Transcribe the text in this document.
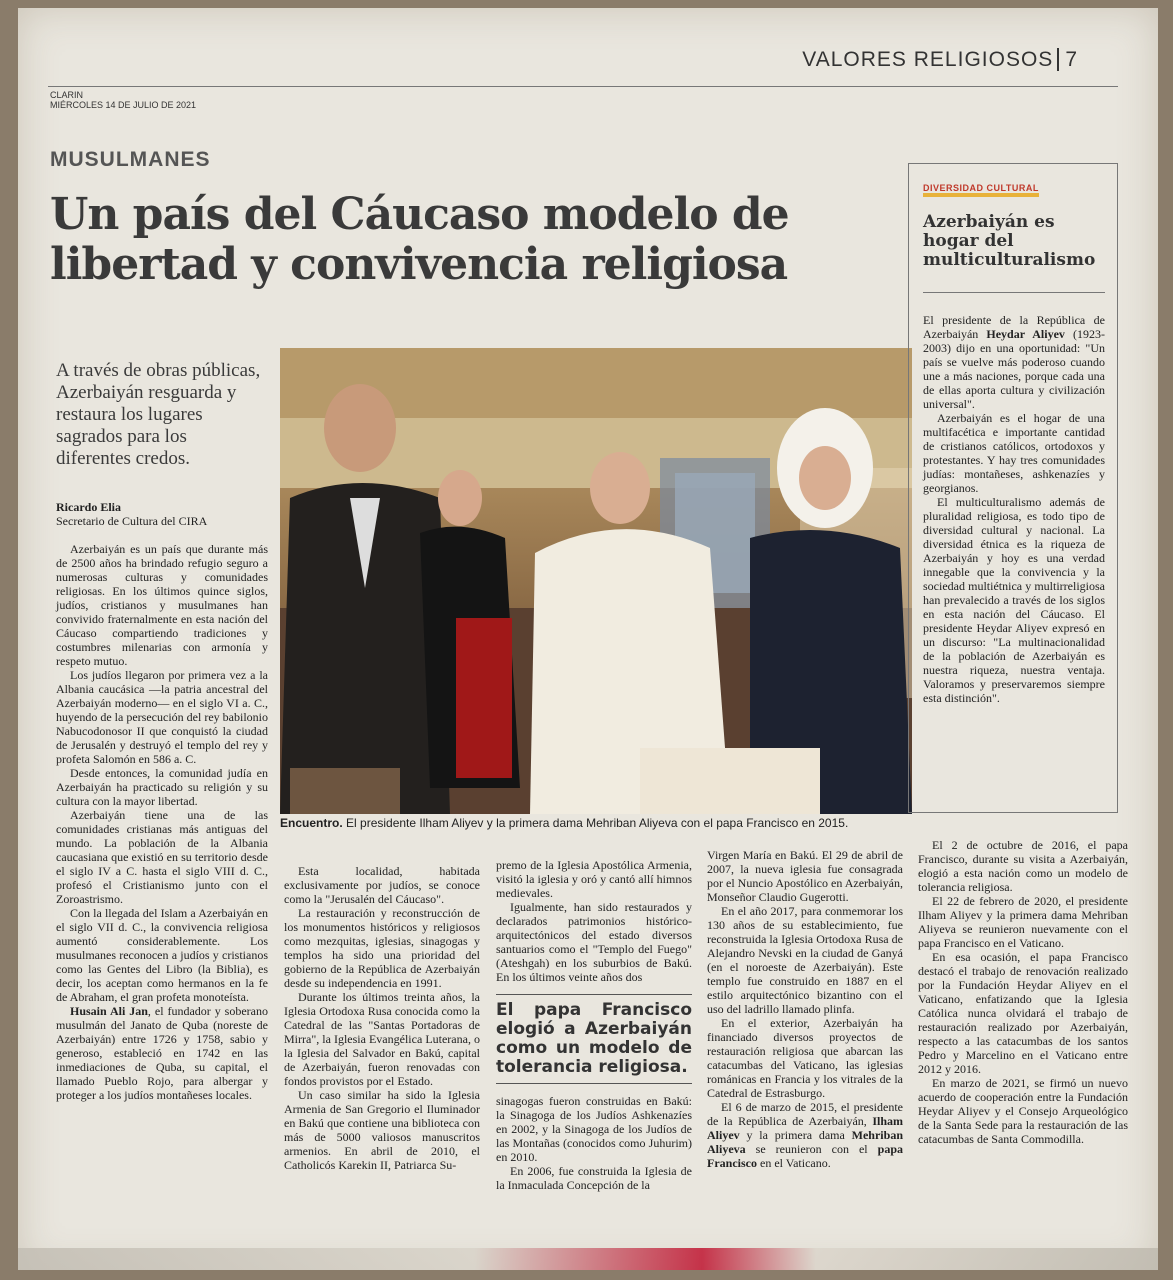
VALORES RELIGIOSOS 7
CLARIN
MIÉRCOLES 14 DE JULIO DE 2021
MUSULMANES
Un país del Cáucaso modelo de libertad y convivencia religiosa
A través de obras públicas, Azerbaiyán resguarda y restaura los lugares sagrados para los diferentes credos.
Ricardo Elia
Secretario de Cultura del CIRA
Encuentro. El presidente Ilham Aliyev y la primera dama Mehriban Aliyeva con el papa Francisco en 2015.

Azerbaiyán es un país que durante más de 2500 años ha brindado refugio seguro a numerosas culturas y comunidades religiosas. En los últimos quince siglos, judíos, cristianos y musulmanes han convivido fraternalmente en esta nación del Cáucaso compartiendo tradiciones y costumbres milenarias con armonía y respeto mutuo.

Los judíos llegaron por primera vez a la Albania caucásica —la patria ancestral del Azerbaiyán moderno— en el siglo VI a. C., huyendo de la persecución del rey babilonio Nabucodonosor II que conquistó la ciudad de Jerusalén y destruyó el templo del rey y profeta Salomón en 586 a. C.

Desde entonces, la comunidad judía en Azerbaiyán ha practicado su religión y su cultura con la mayor libertad.

Azerbaiyán tiene una de las comunidades cristianas más antiguas del mundo. La población de la Albania caucasiana que existió en su territorio desde el siglo IV a C. hasta el siglo VIII d. C., profesó el Cristianismo junto con el Zoroastrismo.

Con la llegada del Islam a Azerbaiyán en el siglo VII d. C., la convivencia religiosa aumentó considerablemente. Los musulmanes reconocen a judíos y cristianos como las Gentes del Libro (la Biblia), es decir, los aceptan como hermanos en la fe de Abraham, el gran profeta monoteísta.

Husain Ali Jan, el fundador y soberano musulmán del Janato de Quba (noreste de Azerbaiyán) entre 1726 y 1758, sabio y generoso, estableció en 1742 en las inmediaciones de Quba, su capital, el llamado Pueblo Rojo, para albergar y proteger a los judíos montañeses locales.

Esta localidad, habitada exclusivamente por judíos, se conoce como la "Jerusalén del Cáucaso".

La restauración y reconstrucción de los monumentos históricos y religiosos como mezquitas, iglesias, sinagogas y templos ha sido una prioridad del gobierno de la República de Azerbaiyán desde su independencia en 1991.

Durante los últimos treinta años, la Iglesia Ortodoxa Rusa conocida como la Catedral de las "Santas Portadoras de Mirra", la Iglesia Evangélica Luterana, o la Iglesia del Salvador en Bakú, capital de Azerbaiyán, fueron renovadas con fondos provistos por el Estado.

Un caso similar ha sido la Iglesia Armenia de San Gregorio el Iluminador en Bakú que contiene una biblioteca con más de 5000 valiosos manuscritos armenios. En abril de 2010, el Catholicós Karekin II, Patriarca Su-

premo de la Iglesia Apostólica Armenia, visitó la iglesia y oró y cantó allí himnos medievales.

Igualmente, han sido restaurados y declarados patrimonios histórico-arquitectónicos del estado diversos santuarios como el "Templo del Fuego" (Ateshgah) en los suburbios de Bakú. En los últimos veinte años dos

El papa Francisco elogió a Azerbaiyán como un modelo de tolerancia religiosa.

sinagogas fueron construidas en Bakú: la Sinagoga de los Judíos Ashkenazíes en 2002, y la Sinagoga de los Judíos de las Montañas (conocidos como Juhurim) en 2010.

En 2006, fue construida la Iglesia de la Inmaculada Concepción de la

Virgen María en Bakú. El 29 de abril de 2007, la nueva iglesia fue consagrada por el Nuncio Apostólico en Azerbaiyán, Monseñor Claudio Gugerotti.

En el año 2017, para conmemorar los 130 años de su establecimiento, fue reconstruida la Iglesia Ortodoxa Rusa de Alejandro Nevski en la ciudad de Ganyá (en el noroeste de Azerbaiyán). Este templo fue construido en 1887 en el estilo arquitectónico bizantino con el uso del ladrillo llamado plinfa.

En el exterior, Azerbaiyán ha financiado diversos proyectos de restauración religiosa que abarcan las catacumbas del Vaticano, las iglesias románicas en Francia y los vitrales de la Catedral de Estrasburgo.

El 6 de marzo de 2015, el presidente de la República de Azerbaiyán, Ilham Aliyev y la primera dama Mehriban Aliyeva se reunieron con el papa Francisco en el Vaticano.

El 2 de octubre de 2016, el papa Francisco, durante su visita a Azerbaiyán, elogió a esta nación como un modelo de tolerancia religiosa.

El 22 de febrero de 2020, el presidente Ilham Aliyev y la primera dama Mehriban Aliyeva se reunieron nuevamente con el papa Francisco en el Vaticano.

En esa ocasión, el papa Francisco destacó el trabajo de renovación realizado por la Fundación Heydar Aliyev en el Vaticano, enfatizando que la Iglesia Católica nunca olvidará el trabajo de restauración realizado por Azerbaiyán, respecto a las catacumbas de los santos Pedro y Marcelino en el Vaticano entre 2012 y 2016.

En marzo de 2021, se firmó un nuevo acuerdo de cooperación entre la Fundación Heydar Aliyev y el Consejo Arqueológico de la Santa Sede para la restauración de las catacumbas de Santa Commodilla.

DIVERSIDAD CULTURAL
Azerbaiyán es hogar del multiculturalismo

El presidente de la República de Azerbaiyán Heydar Aliyev (1923-2003) dijo en una oportunidad: "Un país se vuelve más poderoso cuando une a más naciones, porque cada una de ellas aporta cultura y civilización universal".

Azerbaiyán es el hogar de una multifacética e importante cantidad de cristianos católicos, ortodoxos y protestantes. Y hay tres comunidades judías: montañeses, ashkenazíes y georgianos.

El multiculturalismo además de pluralidad religiosa, es todo tipo de diversidad cultural y nacional. La diversidad étnica es la riqueza de Azerbaiyán y hoy es una verdad innegable que la convivencia y la sociedad multiétnica y multirreligiosa han prevalecido a través de los siglos en esta nación del Cáucaso. El presidente Heydar Aliyev expresó en un discurso: "La multinacionalidad de la población de Azerbaiyán es nuestra riqueza, nuestra ventaja. Valoramos y preservaremos siempre esta distinción".
